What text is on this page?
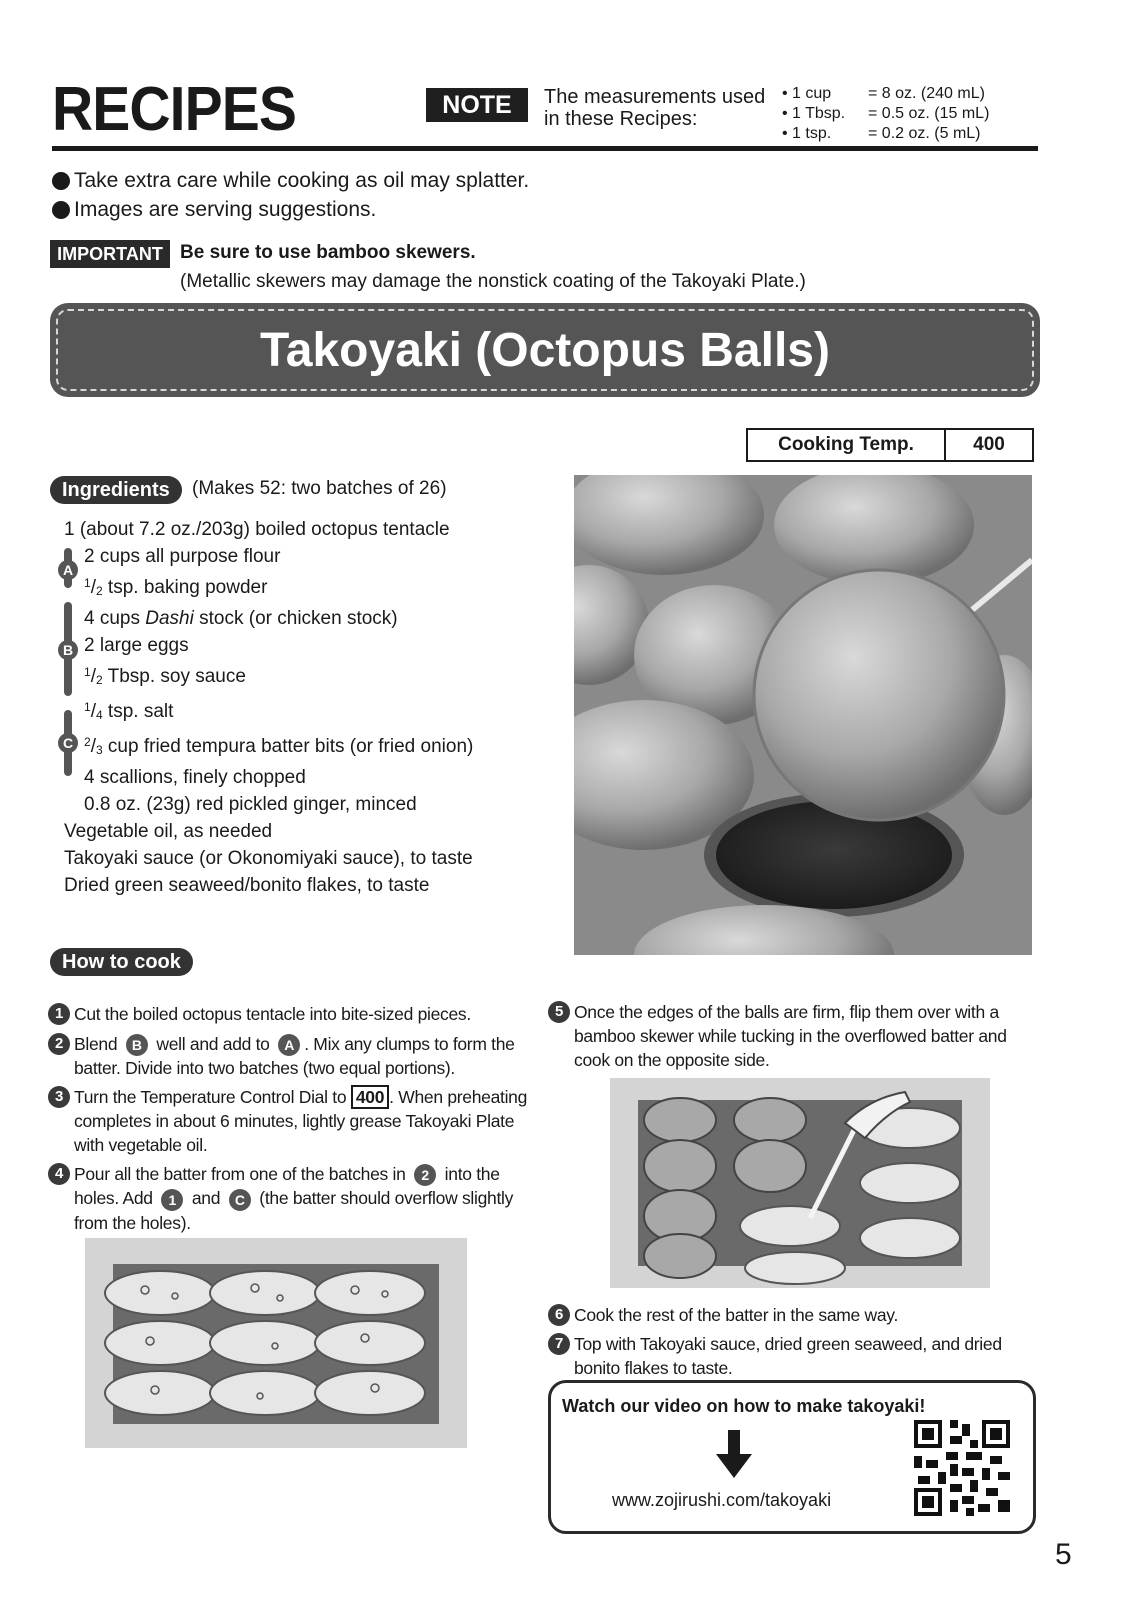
RECIPES	NOTE	The measurements used in these Recipes:
• 1 cup	= 8 oz. (240 mL)
• 1 Tbsp.	= 0.5 oz. (15 mL)
• 1 tsp.	= 0.2 oz. (5 mL)
Take extra care while cooking as oil may splatter.
Images are serving suggestions.
IMPORTANT Be sure to use bamboo skewers.
(Metallic skewers may damage the nonstick coating of the Takoyaki Plate.)
Takoyaki (Octopus Balls)
Cooking Temp.	400
Ingredients	(Makes 52: two batches of 26)
A
B
C
1 (about 7.2 oz./203g) boiled octopus tentacle
2 cups all purpose flour
$^1/_2$ tsp. baking powder
4 cups Dashi stock (or chicken stock)
2 large eggs
$^1/_2$ Tbsp. soy sauce
$^1/_4$ tsp. salt
$^2/_3$ cup fried tempura batter bits (or fried onion)
4 scallions, finely chopped
0.8 oz. (23g) red pickled ginger, minced
Vegetable oil, as needed
Takoyaki sauce (or Okonomiyaki sauce), to taste
Dried green seaweed/bonito flakes, to taste
How to cook
1 Cut the boiled octopus tentacle into bite-sized pieces.
2 Blend B well and add to A . Mix any clumps to form the batter. Divide into two batches (two equal portions).
3 Turn the Temperature Control Dial to 400 . When preheating completes in about 6 minutes, lightly grease Takoyaki Plate with vegetable oil.
4 Pour all the batter from one of the batches in 2 into the holes. Add 1 and C (the batter should overflow slightly from the holes).
5 Once the edges of the balls are firm, flip them over with a bamboo skewer while tucking in the overflowed batter and cook on the opposite side.
6 Cook the rest of the batter in the same way.
7 Top with Takoyaki sauce, dried green seaweed, and dried bonito flakes to taste.
Watch our video on how to make takoyaki!
www.zojirushi.com/takoyaki
5
